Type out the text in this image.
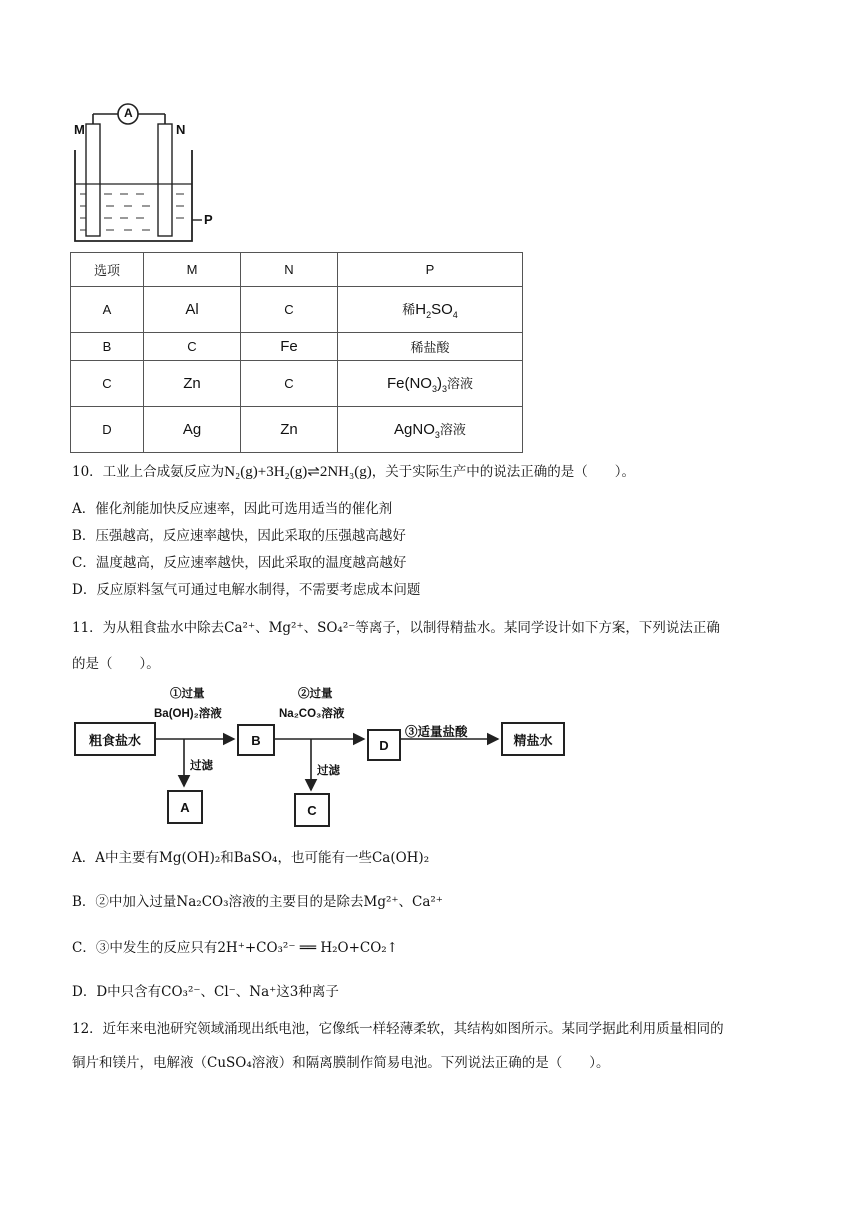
A
M	N
P
选项	M	N	P
A	Al	C	稀$H_2SO_4$
B	C	Fe	稀盐酸
C	Zn	C	$Fe(NO_3)_3$溶液
D	Ag	Zn	AgNO$_3$溶液
10．工业上合成氨反应为N₂(g)+3H₂(g)⇌2NH₃(g)，关于实际生产中的说法正确的是（　　）。
A．催化剂能加快反应速率，因此可选用适当的催化剂
B．压强越高，反应速率越快，因此采取的压强越高越好
C．温度越高，反应速率越快，因此采取的温度越高越好
D．反应原料氢气可通过电解水制得，不需要考虑成本问题
11．为从粗食盐水中除去Ca²⁺、Mg²⁺、SO₄²⁻等离子，以制得精盐水。某同学设计如下方案，下列说法正确
的是（　　）。
粗食盐水	B	D	精盐水
A	C
①过量
Ba(OH)₂溶液
②过量
Na₂CO₃溶液
③适量盐酸
过滤	过滤
A．A中主要有Mg(OH)₂和BaSO₄，也可能有一些Ca(OH)₂
B．②中加入过量Na₂CO₃溶液的主要目的是除去Mg²⁺、Ca²⁺
C．③中发生的反应只有2H⁺+CO₃²⁻ ══ H₂O+CO₂↑
D．D中只含有CO₃²⁻、Cl⁻、Na⁺这3种离子
12．近年来电池研究领域涌现出纸电池，它像纸一样轻薄柔软，其结构如图所示。某同学据此利用质量相同的
铜片和镁片，电解液（CuSO₄溶液）和隔离膜制作简易电池。下列说法正确的是（　　）。
